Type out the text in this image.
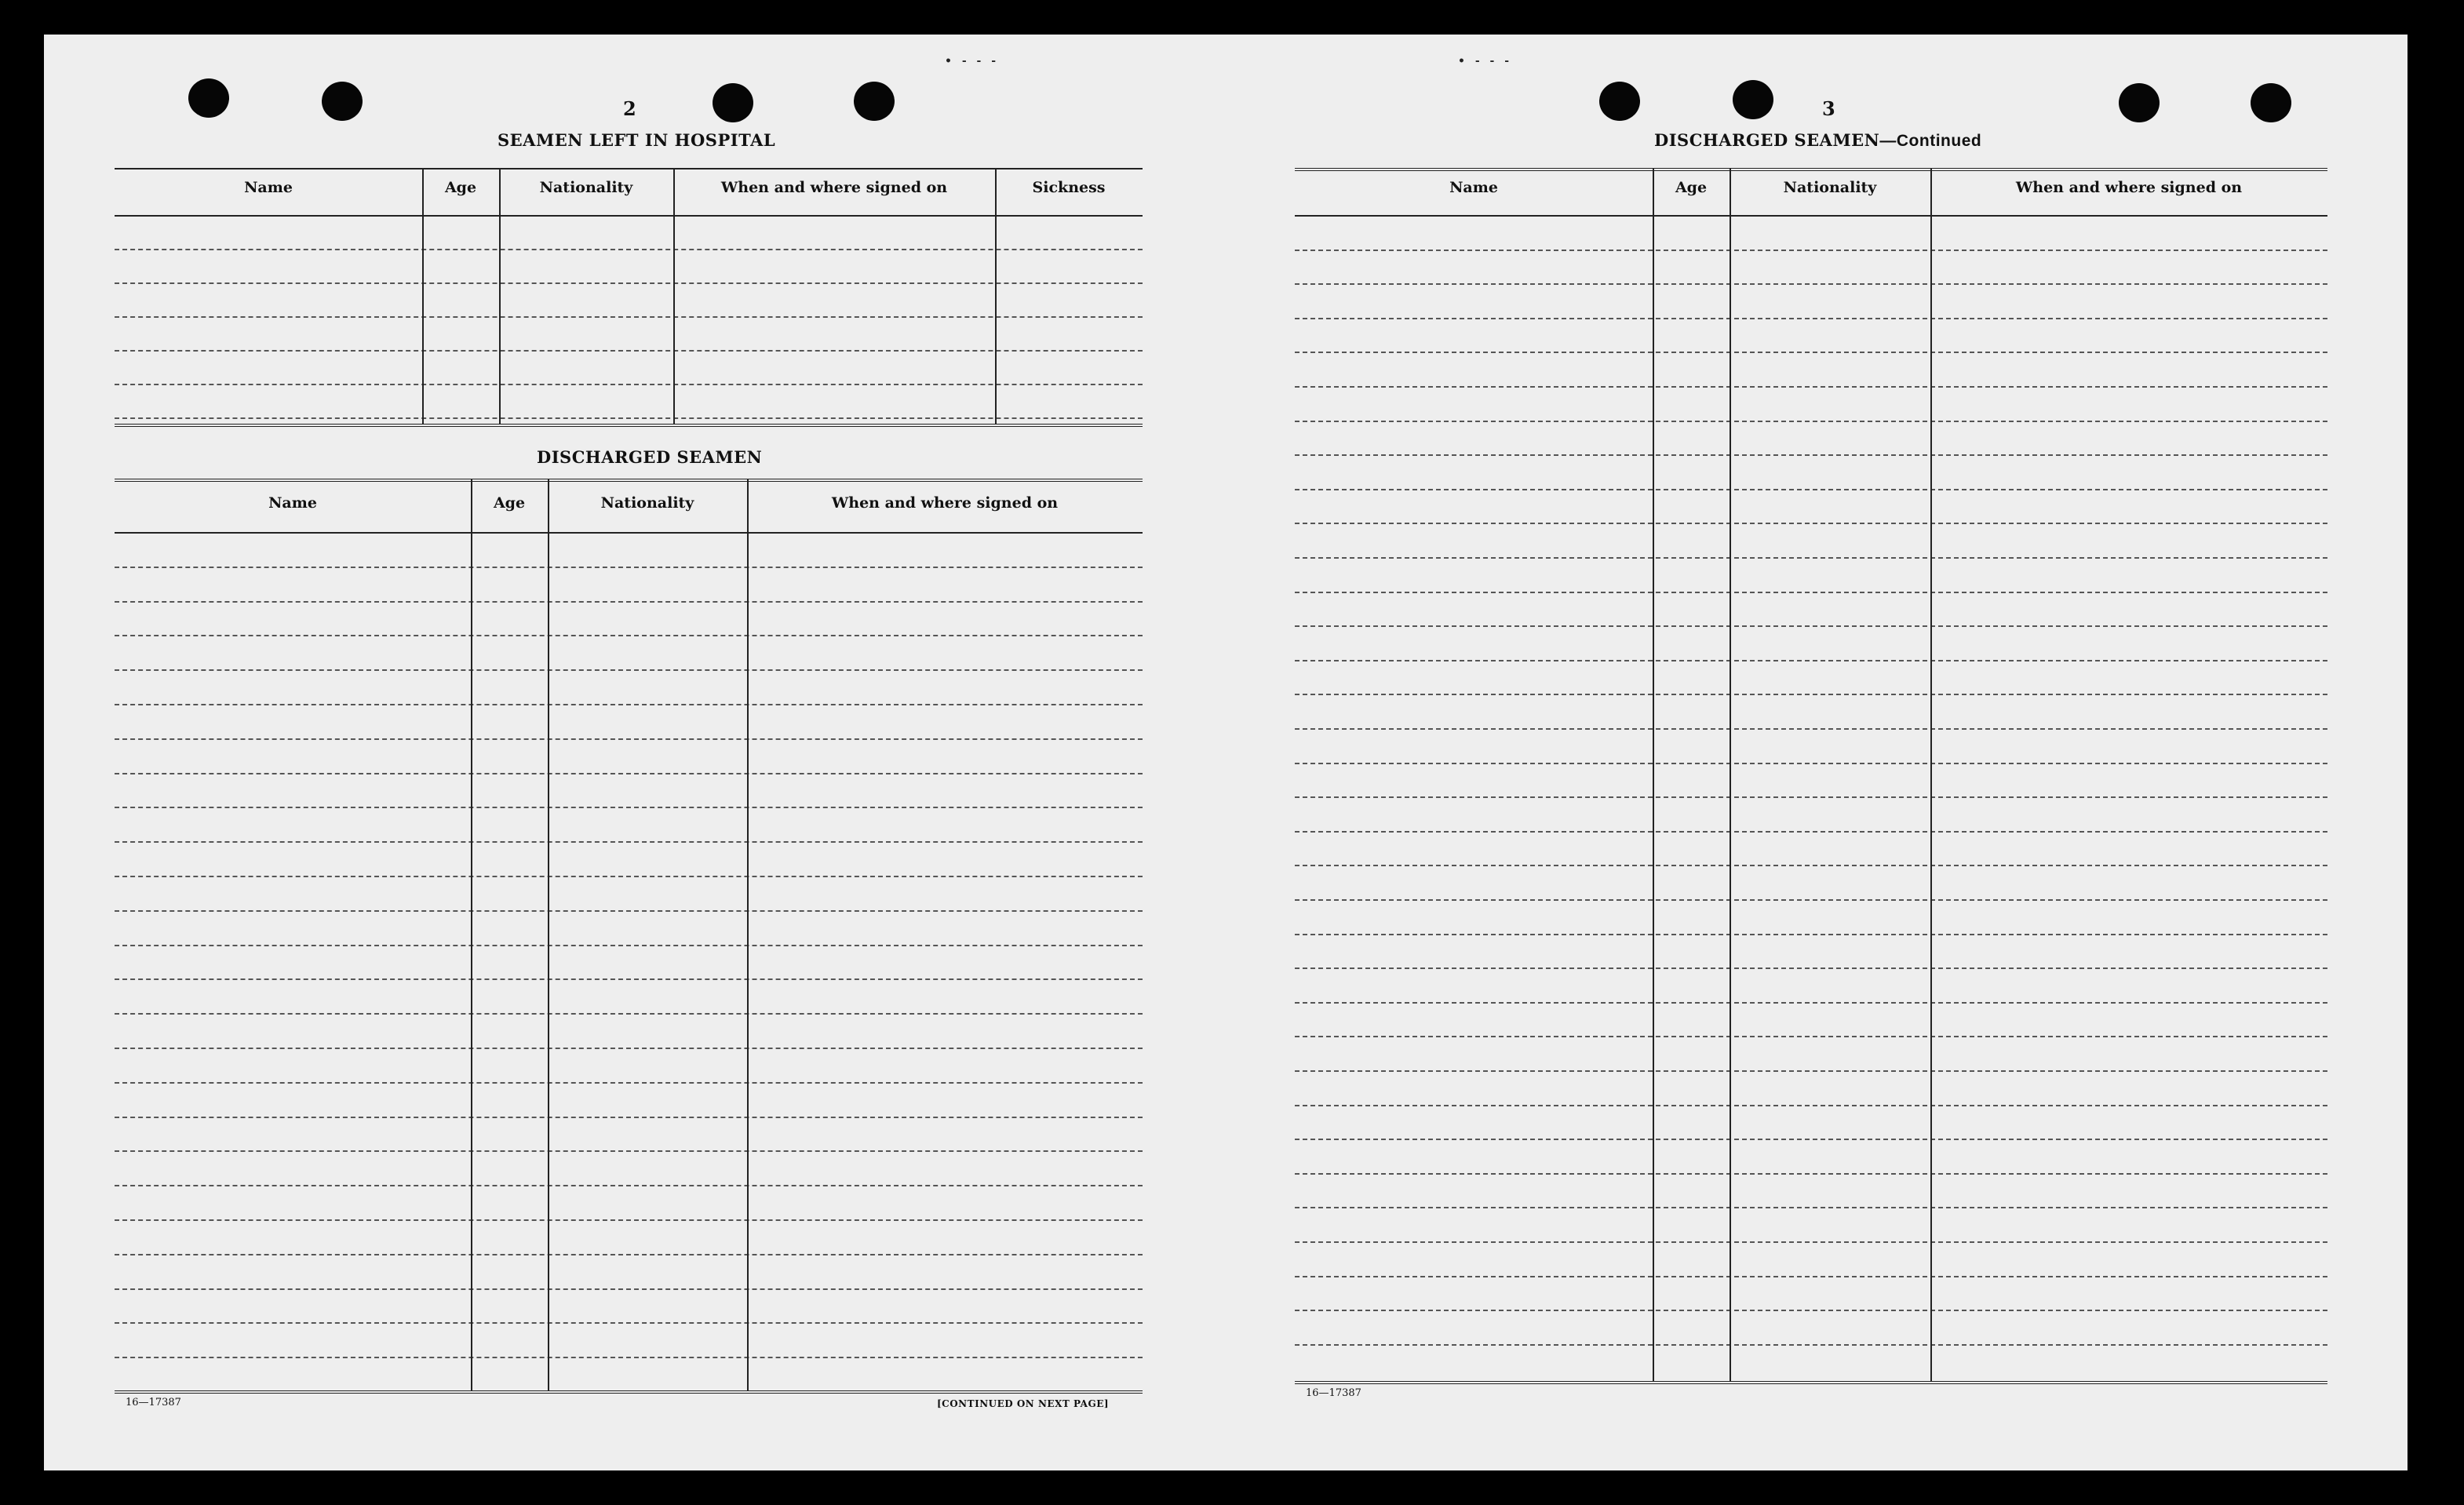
• - - -	• - - -
2
SEAMEN LEFT IN HOSPITAL
Name	Age	Nationality	When and where signed on	Sickness
DISCHARGED SEAMEN
Name	Age	Nationality	When and where signed on
16—17387	[CONTINUED ON NEXT PAGE]
3
DISCHARGED SEAMEN—Continued
Name	Age	Nationality	When and where signed on
16—17387
